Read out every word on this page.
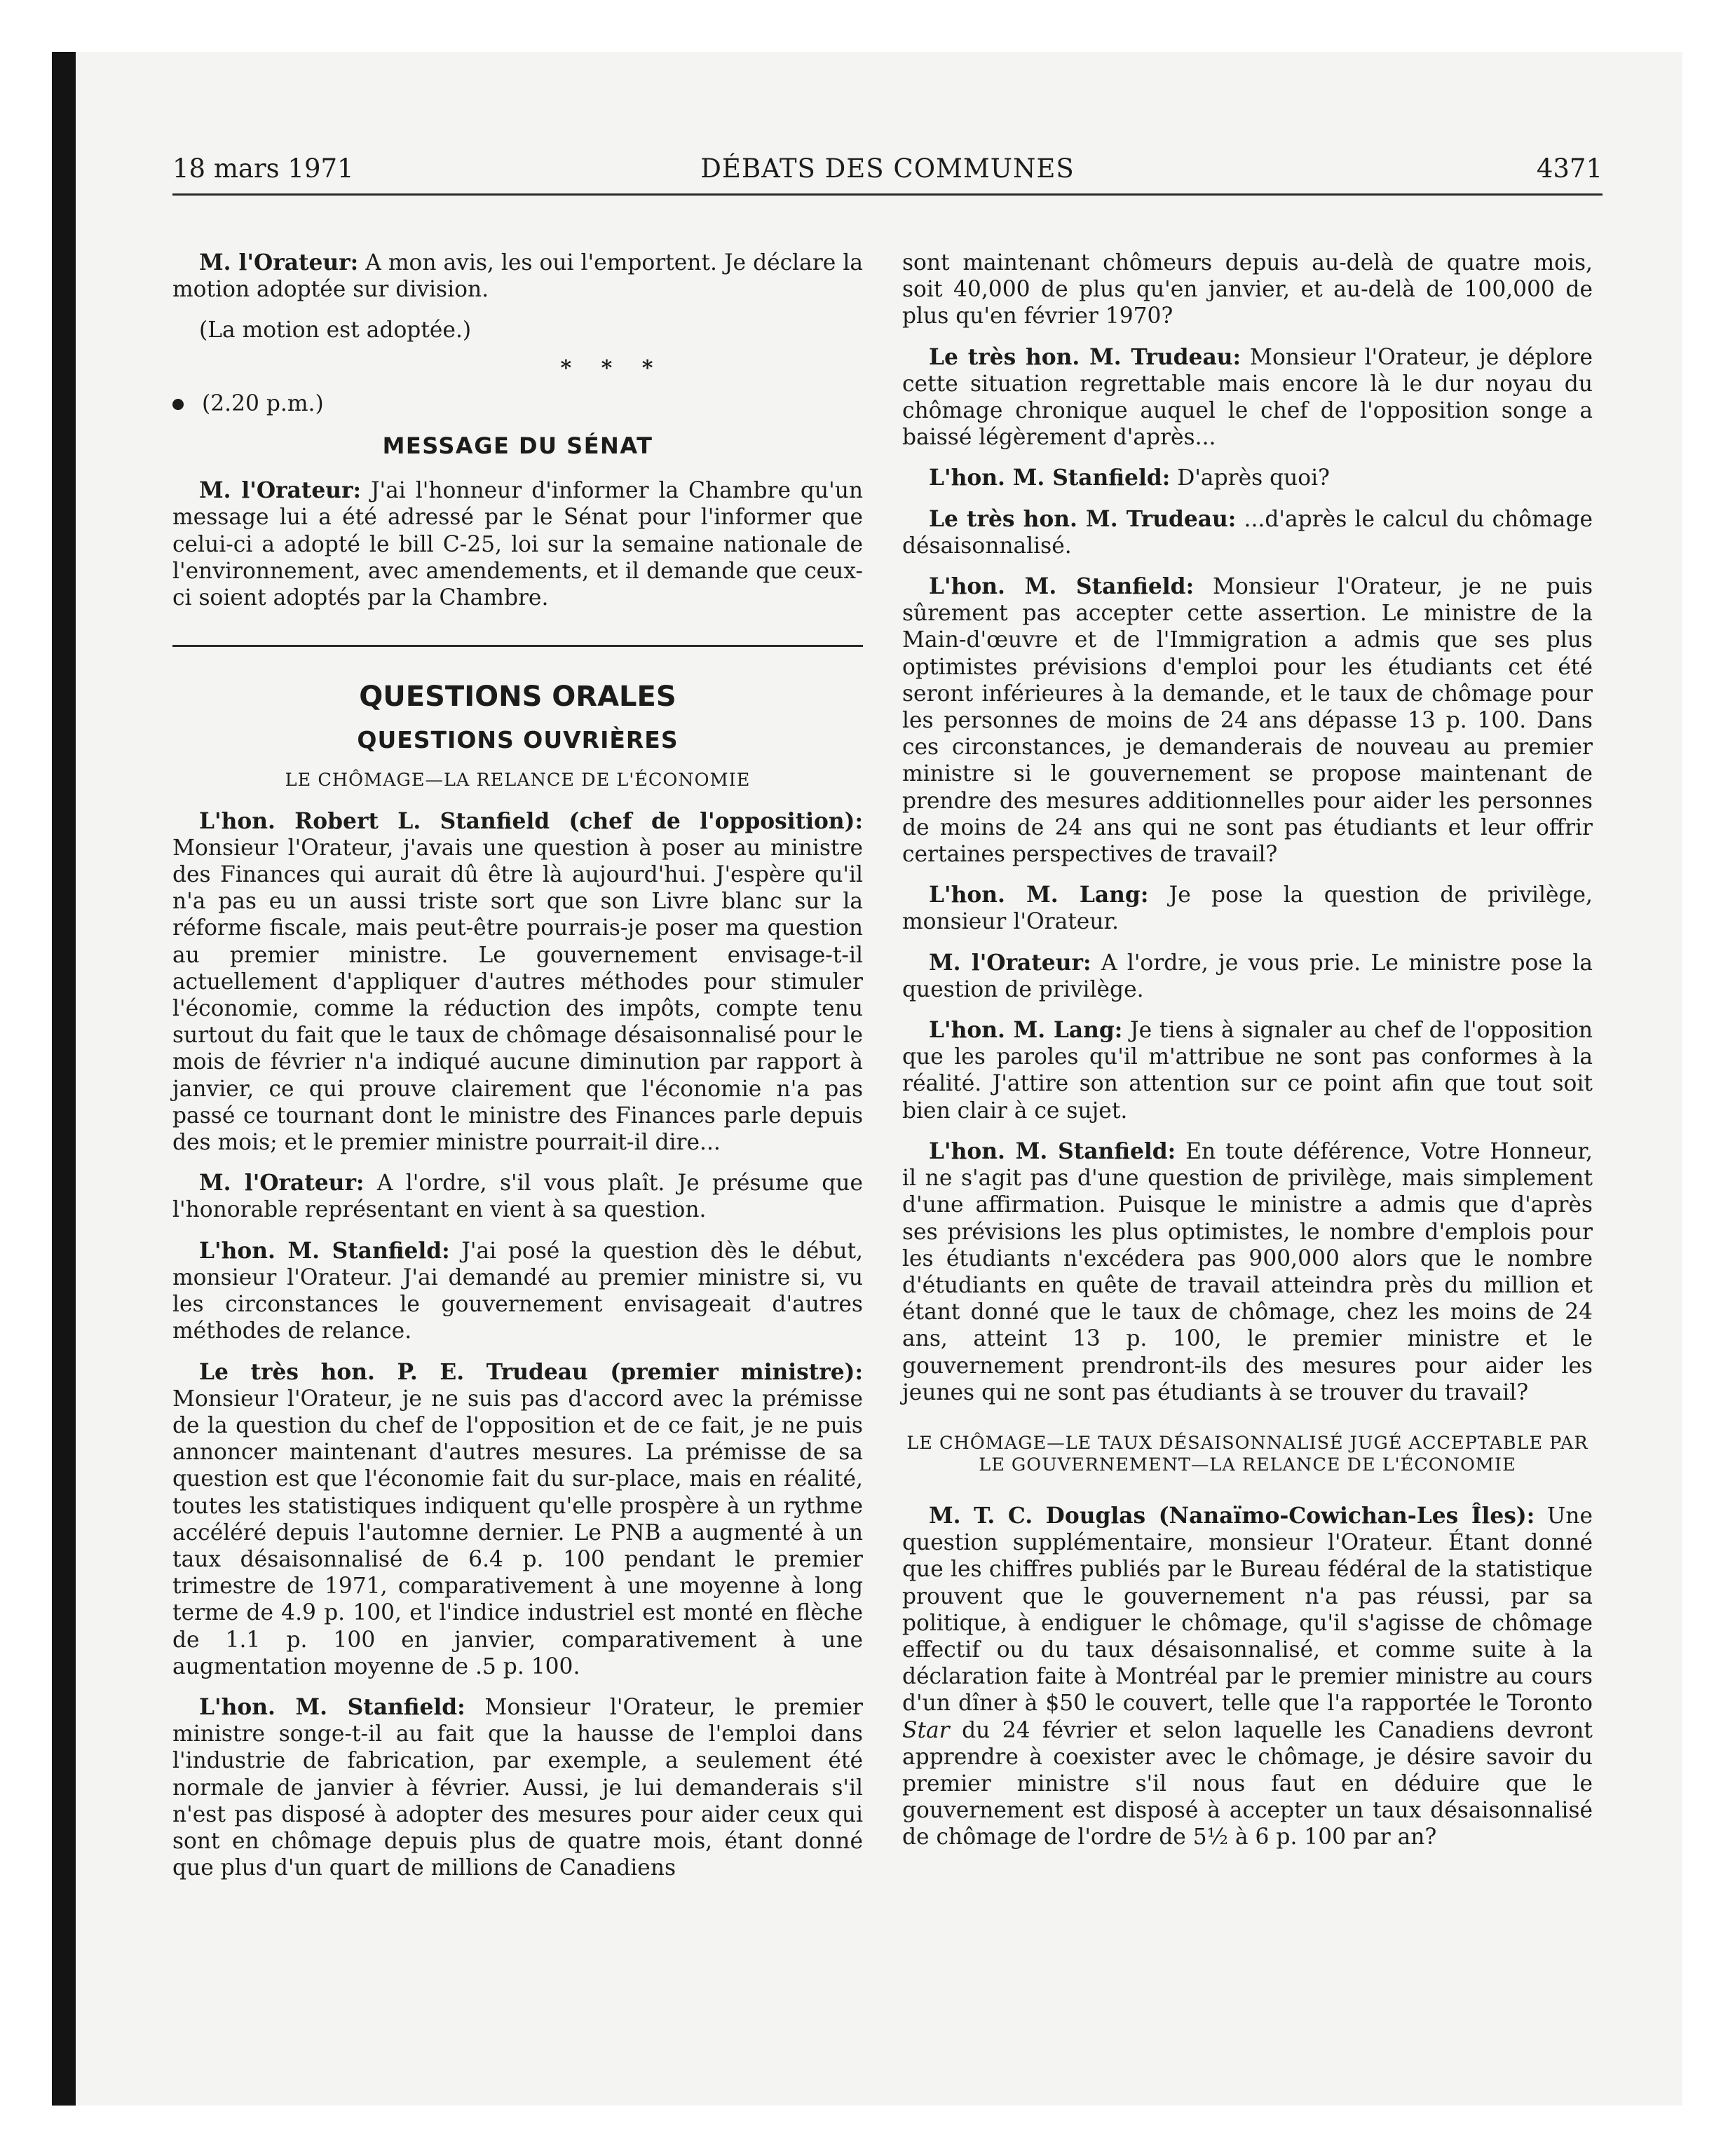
18 mars 1971	DÉBATS DES COMMUNES	4371

M. l'Orateur: A mon avis, les oui l'emportent. Je déclare la motion adoptée sur division.

(La motion est adoptée.)

* * *
(2.20 p.m.)
MESSAGE DU SÉNAT

M. l'Orateur: J'ai l'honneur d'informer la Chambre qu'un message lui a été adressé par le Sénat pour l'informer que celui-ci a adopté le bill C-25, loi sur la semaine nationale de l'environnement, avec amendements, et il demande que ceux-ci soient adoptés par la Chambre.

QUESTIONS ORALES
QUESTIONS OUVRIÈRES
LE CHÔMAGE—LA RELANCE DE L'ÉCONOMIE

L'hon. Robert L. Stanfield (chef de l'opposition): Monsieur l'Orateur, j'avais une question à poser au ministre des Finances qui aurait dû être là aujourd'hui. J'espère qu'il n'a pas eu un aussi triste sort que son Livre blanc sur la réforme fiscale, mais peut-être pourrais-je poser ma question au premier ministre. Le gouvernement envisage-t-il actuellement d'appliquer d'autres méthodes pour stimuler l'économie, comme la réduction des impôts, compte tenu surtout du fait que le taux de chômage désaisonnalisé pour le mois de février n'a indiqué aucune diminution par rapport à janvier, ce qui prouve clairement que l'économie n'a pas passé ce tournant dont le ministre des Finances parle depuis des mois; et le premier ministre pourrait-il dire...

M. l'Orateur: A l'ordre, s'il vous plaît. Je présume que l'honorable représentant en vient à sa question.

L'hon. M. Stanfield: J'ai posé la question dès le début, monsieur l'Orateur. J'ai demandé au premier ministre si, vu les circonstances le gouvernement envisageait d'autres méthodes de relance.

Le très hon. P. E. Trudeau (premier ministre): Monsieur l'Orateur, je ne suis pas d'accord avec la prémisse de la question du chef de l'opposition et de ce fait, je ne puis annoncer maintenant d'autres mesures. La prémisse de sa question est que l'économie fait du sur-place, mais en réalité, toutes les statistiques indiquent qu'elle prospère à un rythme accéléré depuis l'automne dernier. Le PNB a augmenté à un taux désaisonnalisé de 6.4 p. 100 pendant le premier trimestre de 1971, comparativement à une moyenne à long terme de 4.9 p. 100, et l'indice industriel est monté en flèche de 1.1 p. 100 en janvier, comparativement à une augmentation moyenne de .5 p. 100.

L'hon. M. Stanfield: Monsieur l'Orateur, le premier ministre songe-t-il au fait que la hausse de l'emploi dans l'industrie de fabrication, par exemple, a seulement été normale de janvier à février. Aussi, je lui demanderais s'il n'est pas disposé à adopter des mesures pour aider ceux qui sont en chômage depuis plus de quatre mois, étant donné que plus d'un quart de millions de Canadiens

sont maintenant chômeurs depuis au-delà de quatre mois, soit 40,000 de plus qu'en janvier, et au-delà de 100,000 de plus qu'en février 1970?

Le très hon. M. Trudeau: Monsieur l'Orateur, je déplore cette situation regrettable mais encore là le dur noyau du chômage chronique auquel le chef de l'opposition songe a baissé légèrement d'après...

L'hon. M. Stanfield: D'après quoi?

Le très hon. M. Trudeau: ...d'après le calcul du chômage désaisonnalisé.

L'hon. M. Stanfield: Monsieur l'Orateur, je ne puis sûrement pas accepter cette assertion. Le ministre de la Main-d'œuvre et de l'Immigration a admis que ses plus optimistes prévisions d'emploi pour les étudiants cet été seront inférieures à la demande, et le taux de chômage pour les personnes de moins de 24 ans dépasse 13 p. 100. Dans ces circonstances, je demanderais de nouveau au premier ministre si le gouvernement se propose maintenant de prendre des mesures additionnelles pour aider les personnes de moins de 24 ans qui ne sont pas étudiants et leur offrir certaines perspectives de travail?

L'hon. M. Lang: Je pose la question de privilège, monsieur l'Orateur.

M. l'Orateur: A l'ordre, je vous prie. Le ministre pose la question de privilège.

L'hon. M. Lang: Je tiens à signaler au chef de l'opposition que les paroles qu'il m'attribue ne sont pas conformes à la réalité. J'attire son attention sur ce point afin que tout soit bien clair à ce sujet.

L'hon. M. Stanfield: En toute déférence, Votre Honneur, il ne s'agit pas d'une question de privilège, mais simplement d'une affirmation. Puisque le ministre a admis que d'après ses prévisions les plus optimistes, le nombre d'emplois pour les étudiants n'excédera pas 900,000 alors que le nombre d'étudiants en quête de travail atteindra près du million et étant donné que le taux de chômage, chez les moins de 24 ans, atteint 13 p. 100, le premier ministre et le gouvernement prendront-ils des mesures pour aider les jeunes qui ne sont pas étudiants à se trouver du travail?

LE CHÔMAGE—LE TAUX DÉSAISONNALISÉ JUGÉ ACCEPTABLE PAR LE GOUVERNEMENT—LA RELANCE DE L'ÉCONOMIE

M. T. C. Douglas (Nanaïmo-Cowichan-Les Îles): Une question supplémentaire, monsieur l'Orateur. Étant donné que les chiffres publiés par le Bureau fédéral de la statistique prouvent que le gouvernement n'a pas réussi, par sa politique, à endiguer le chômage, qu'il s'agisse de chômage effectif ou du taux désaisonnalisé, et comme suite à la déclaration faite à Montréal par le premier ministre au cours d'un dîner à $50 le couvert, telle que l'a rapportée le Toronto Star du 24 février et selon laquelle les Canadiens devront apprendre à coexister avec le chômage, je désire savoir du premier ministre s'il nous faut en déduire que le gouvernement est disposé à accepter un taux désaisonnalisé de chômage de l'ordre de 5½ à 6 p. 100 par an?
